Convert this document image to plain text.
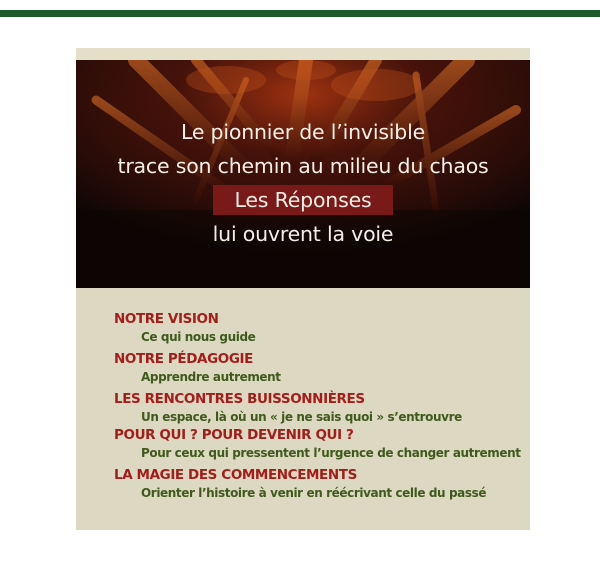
Le pionnier de l’invisible
trace son chemin au milieu du chaos
Les Réponses
lui ouvrent la voie
NOTRE VISION
Ce qui nous guide
NOTRE PÉDAGOGIE
Apprendre autrement
LES RENCONTRES BUISSONNIÈRES
Un espace, là où un « je ne sais quoi » s’entrouvre
POUR QUI ? POUR DEVENIR QUI ?
Pour ceux qui pressentent l’urgence de changer autrement
LA MAGIE DES COMMENCEMENTS
Orienter l’histoire à venir en réécrivant celle du passé
